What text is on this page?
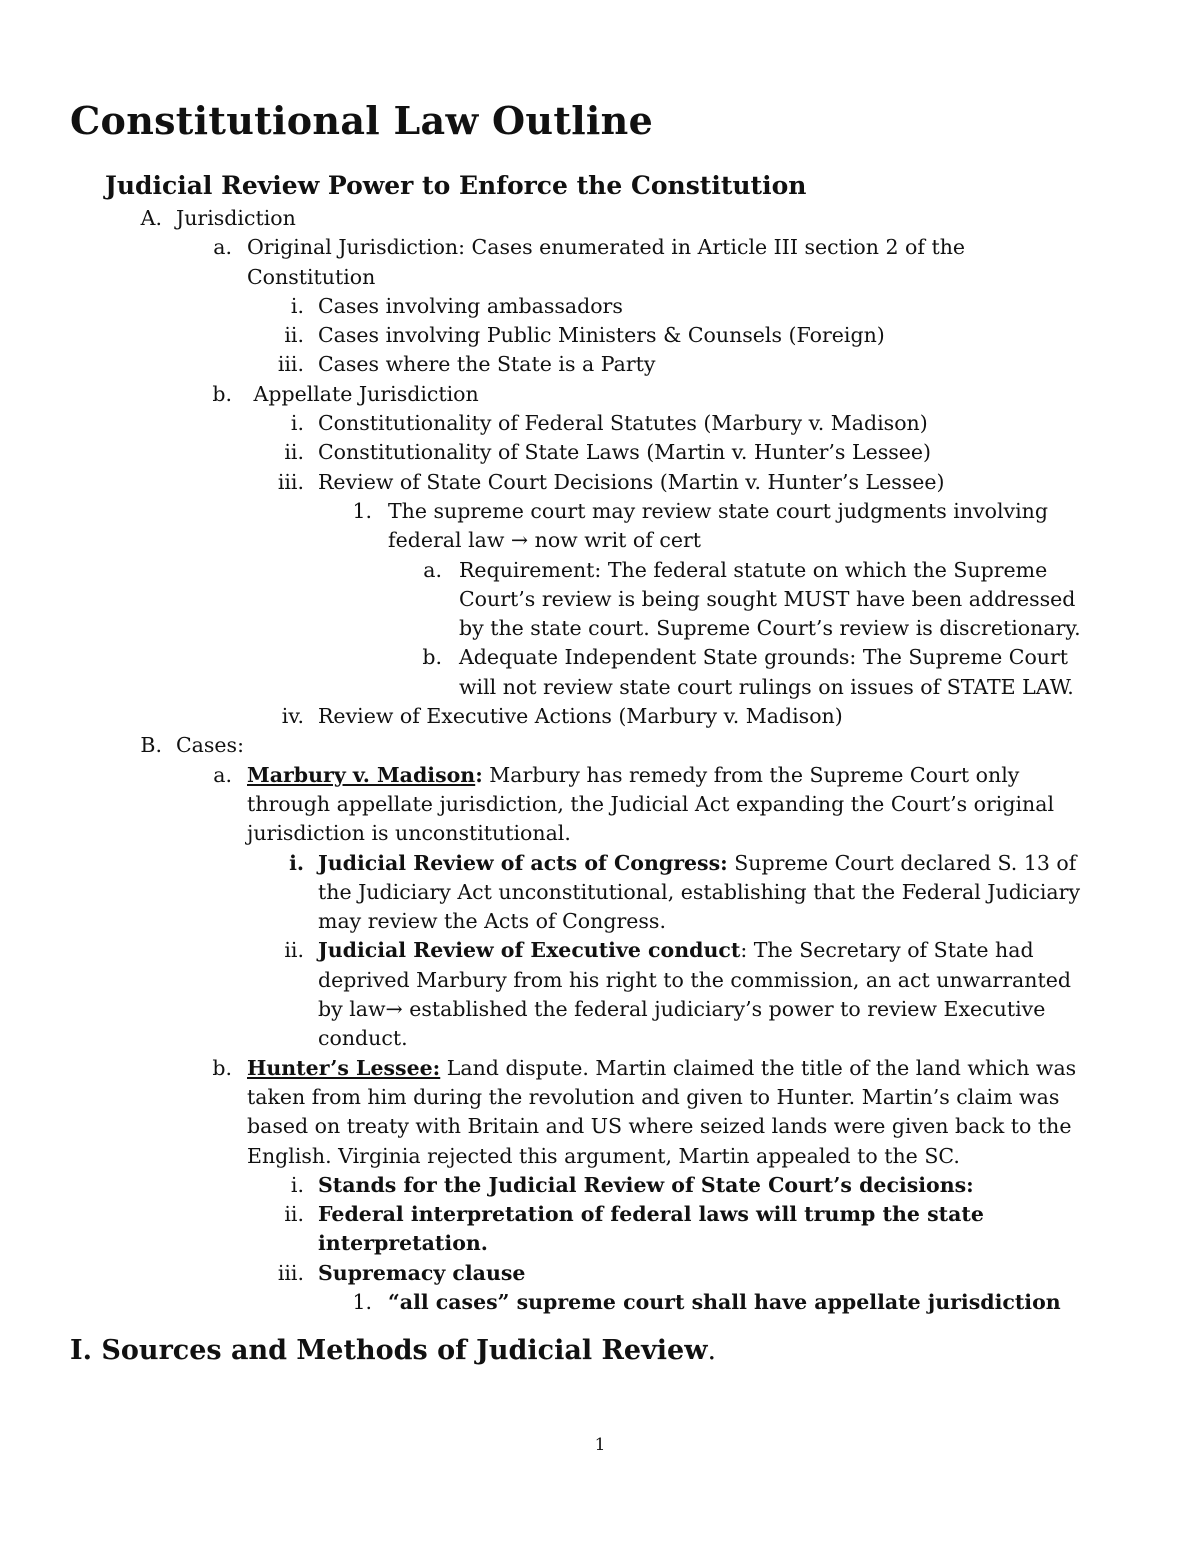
Constitutional Law Outline
Judicial Review Power to Enforce the Constitution
A. Jurisdiction
a. Original Jurisdiction: Cases enumerated in Article III section 2 of the
Constitution
i. Cases involving ambassadors
ii. Cases involving Public Ministers & Counsels (Foreign)
iii. Cases where the State is a Party
b. Appellate Jurisdiction
i. Constitutionality of Federal Statutes (Marbury v. Madison)
ii. Constitutionality of State Laws (Martin v. Hunter’s Lessee)
iii. Review of State Court Decisions (Martin v. Hunter’s Lessee)
1. The supreme court may review state court judgments involving
federal law → now writ of cert
a. Requirement: The federal statute on which the Supreme
Court’s review is being sought MUST have been addressed
by the state court. Supreme Court’s review is discretionary.
b. Adequate Independent State grounds: The Supreme Court
will not review state court rulings on issues of STATE LAW.
iv. Review of Executive Actions (Marbury v. Madison)
B. Cases:
a. Marbury v. Madison: Marbury has remedy from the Supreme Court only
through appellate jurisdiction, the Judicial Act expanding the Court’s original
jurisdiction is unconstitutional.
i. Judicial Review of acts of Congress: Supreme Court declared S. 13 of
the Judiciary Act unconstitutional, establishing that the Federal Judiciary
may review the Acts of Congress.
ii. Judicial Review of Executive conduct: The Secretary of State had
deprived Marbury from his right to the commission, an act unwarranted
by law→ established the federal judiciary’s power to review Executive
conduct.
b. Hunter’s Lessee: Land dispute. Martin claimed the title of the land which was
taken from him during the revolution and given to Hunter. Martin’s claim was
based on treaty with Britain and US where seized lands were given back to the
English. Virginia rejected this argument, Martin appealed to the SC.
i. Stands for the Judicial Review of State Court’s decisions:
ii. Federal interpretation of federal laws will trump the state
interpretation.
iii. Supremacy clause
1. “all cases” supreme court shall have appellate jurisdiction
I. Sources and Methods of Judicial Review.
1
